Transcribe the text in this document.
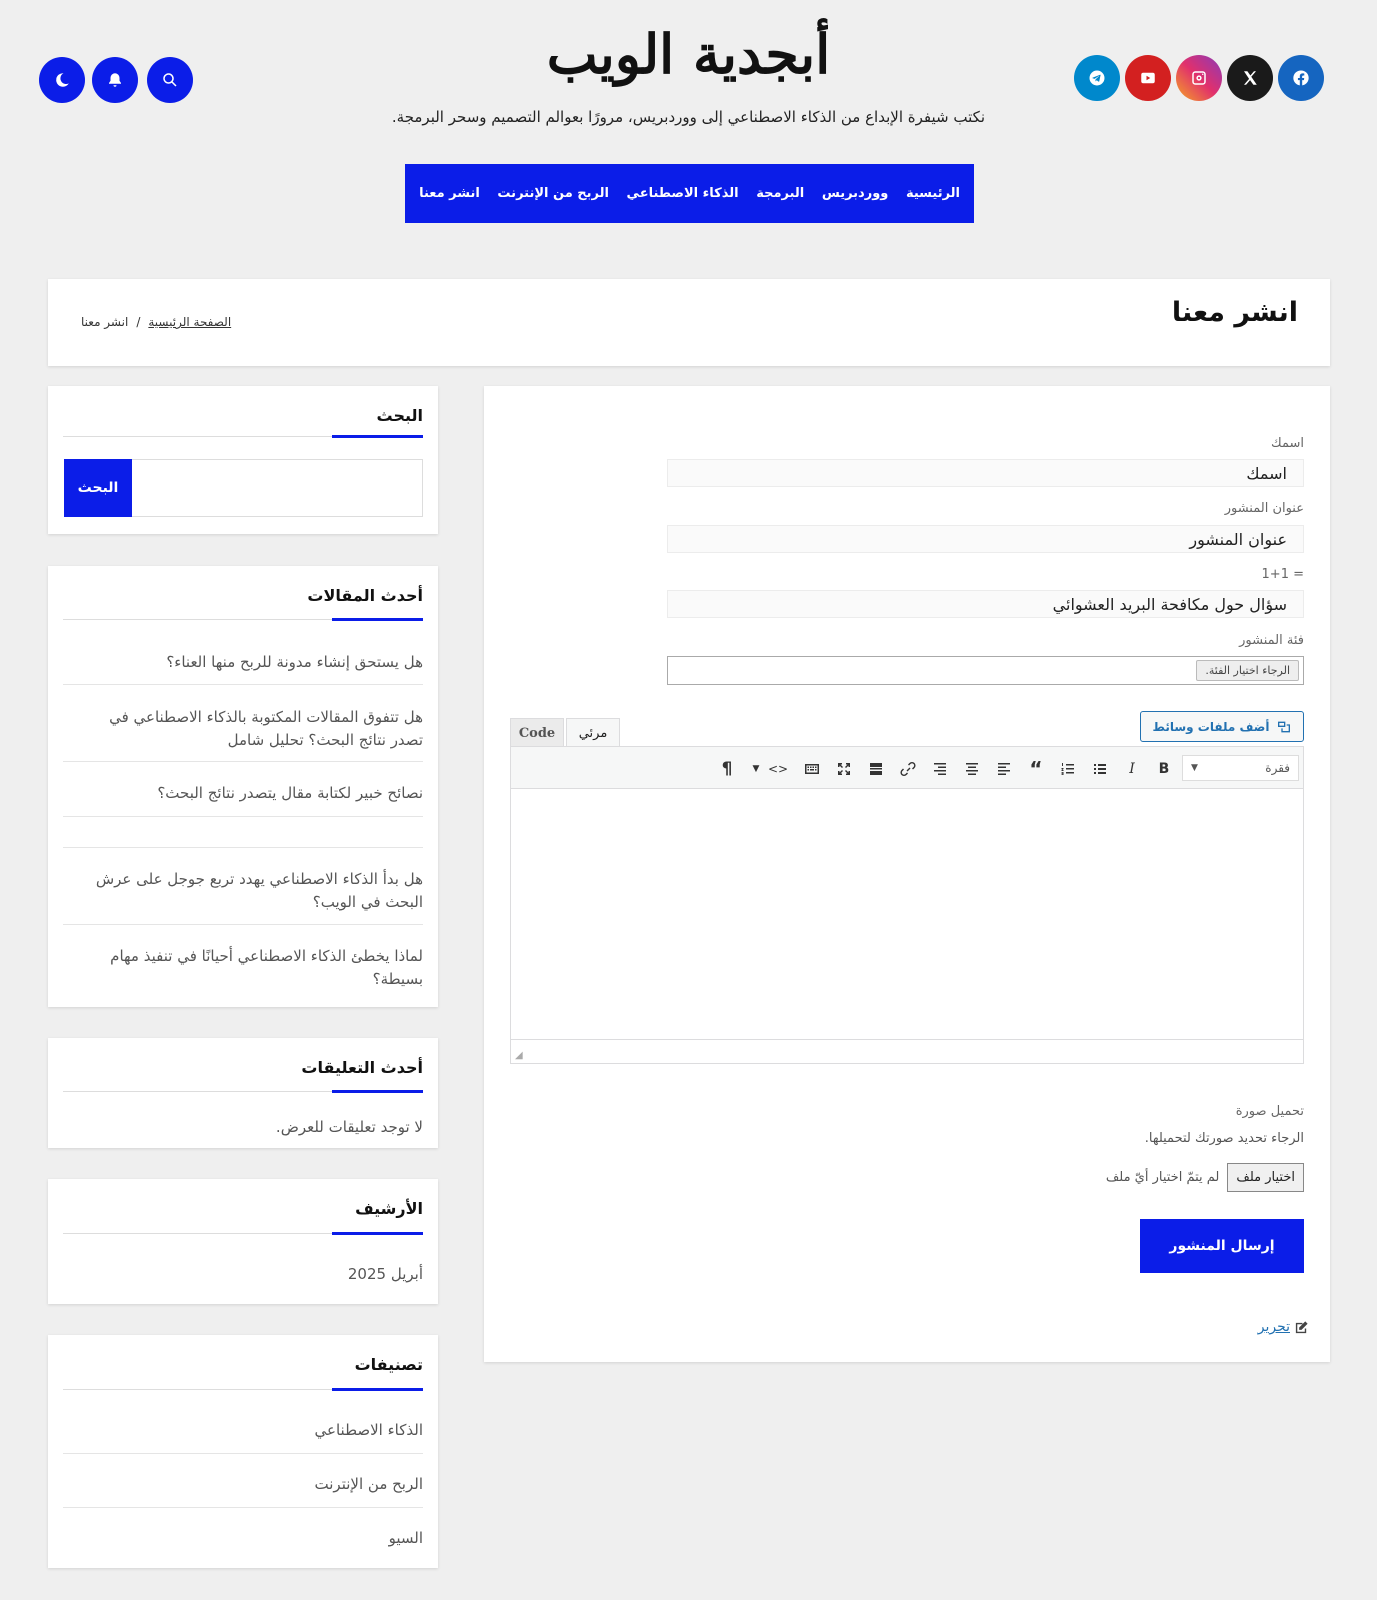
أبجدية الويب
نكتب شيفرة الإبداع من الذكاء الاصطناعي إلى ووردبريس، مرورًا بعوالم التصميم وسحر البرمجة.
الرئيسية
ووردبريس
البرمجة
الذكاء الاصطناعي
الربح من الإنترنت
انشر معنا
انشر معنا
الصفحة الرئيسية
/
انشر معنا
اسمك
اسمك
عنوان المنشور
عنوان المنشور
1+1 =
سؤال حول مكافحة البريد العشوائي
فئة المنشور
الرجاء اختيار الفئة.
أضف ملفات وسائط
مرئي
Code
فقرة
▼
B
I
“
<>
▼
¶
◢
تحميل صورة
الرجاء تحديد صورتك لتحميلها.
اختيار ملف
لم يتمّ اختيار أيّ ملف
إرسال المنشور
تحرير
البحث
البحث
أحدث المقالات
هل يستحق إنشاء مدونة للربح منها العناء؟
هل تتفوق المقالات المكتوبة بالذكاء الاصطناعي في تصدر نتائج البحث؟ تحليل شامل
نصائح خبير لكتابة مقال يتصدر نتائج البحث؟
هل بدأ الذكاء الاصطناعي يهدد تربع جوجل على عرش البحث في الويب؟
لماذا يخطئ الذكاء الاصطناعي أحيانًا في تنفيذ مهام بسيطة؟
أحدث التعليقات
لا توجد تعليقات للعرض.
الأرشيف
أبريل 2025
تصنيفات
الذكاء الاصطناعي
الربح من الإنترنت
السيو
